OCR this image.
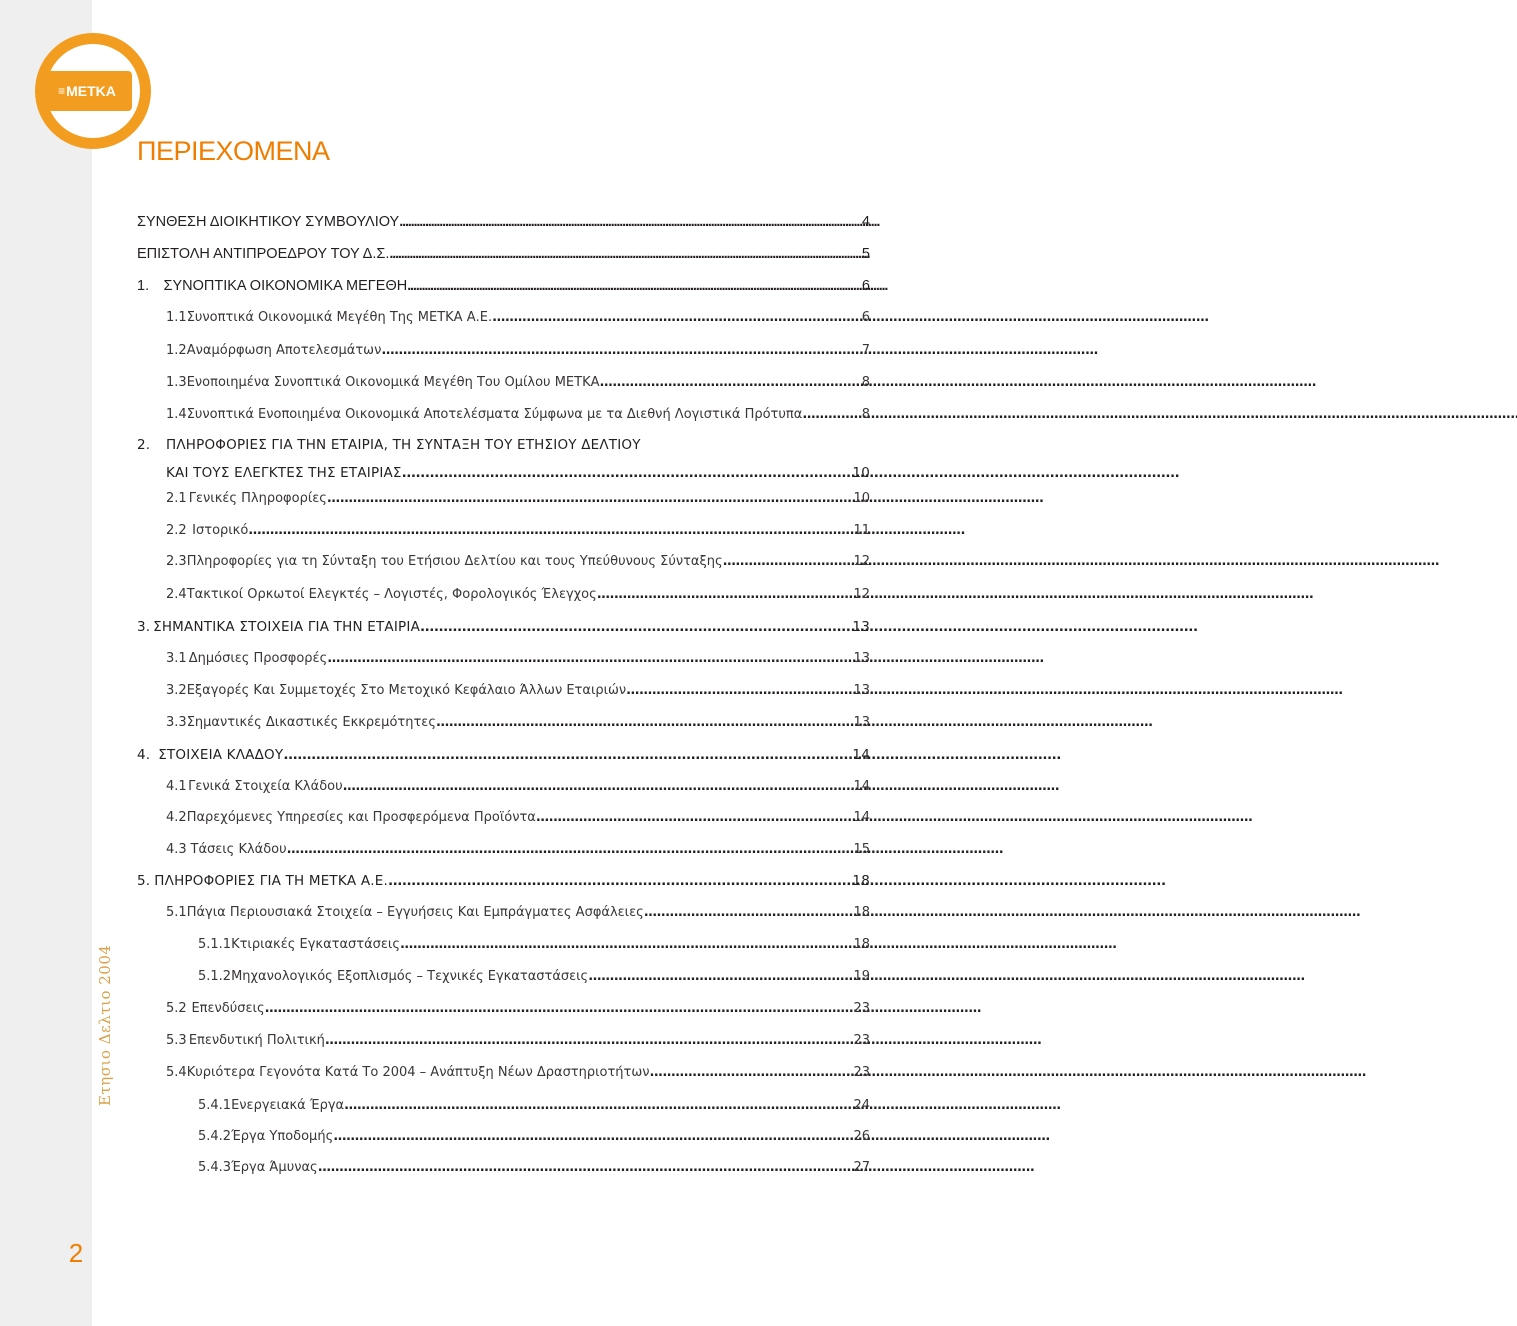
≡ ΜΕΤΚΑ
ΠΕΡΙΕΧΟΜΕΝΑ
ΣΥΝΘΕΣΗ ΔΙΟΙΚΗΤΙΚΟΥ ΣΥΜΒΟΥΛΙΟΥ . . .	4
ΕΠΙΣΤΟΛΗ ΑΝΤΙΠΡΟΕΔΡΟΥ ΤΟΥ Δ.Σ. . . .	5
1. ΣΥΝΟΠΤΙΚΑ ΟΙΚΟΝΟΜΙΚΑ ΜΕΓΕΘΗ . . .	6
1.1 Συνοπτικά Οικονομικά Μεγέθη Της ΜΕΤΚΑ Α.Ε. . . .	6
1.2 Αναμόρφωση Αποτελεσμάτων . . .	7
1.3 Ενοποιημένα Συνοπτικά Οικονομικά Μεγέθη Του Ομίλου ΜΕΤΚΑ . . .	8
1.4 Συνοπτικά Ενοποιημένα Οικονομικά Αποτελέσματα Σύμφωνα με τα Διεθνή Λογιστικά Πρότυπα . . .	8
2.	ΠΛΗΡΟΦΟΡΙΕΣ ΓΙΑ ΤΗΝ ΕΤΑΙΡΙΑ, ΤΗ ΣΥΝΤΑΞΗ ΤΟΥ ΕΤΗΣΙΟΥ ΔΕΛΤΙΟΥ
ΚΑΙ ΤΟΥΣ ΕΛΕΓΚΤΕΣ ΤΗΣ ΕΤΑΙΡΙΑΣ . . .	10
2.1 Γενικές Πληροφορίες . . .	10
2.2 Ιστορικό . . .	11
2.3 Πληροφορίες για τη Σύνταξη του Ετήσιου Δελτίου και τους Υπεύθυνους Σύνταξης . . .	12
2.4 Τακτικοί Ορκωτοί Ελεγκτές – Λογιστές, Φορολογικός Έλεγχος . . .	12
3. ΣΗΜΑΝΤΙΚΑ ΣΤΟΙΧΕΙΑ ΓΙΑ ΤΗΝ ΕΤΑΙΡΙΑ . . .	13
3.1 Δημόσιες Προσφορές . . .	13
3.2 Εξαγορές Και Συμμετοχές Στο Μετοχικό Κεφάλαιο Άλλων Εταιριών . . .	13
3.3 Σημαντικές Δικαστικές Εκκρεμότητες . . .	13
4. ΣΤΟΙΧΕΙΑ ΚΛΑΔΟΥ . . .	14
4.1 Γενικά Στοιχεία Κλάδου . . .	14
4.2 Παρεχόμενες Υπηρεσίες και Προσφερόμενα Προϊόντα . . .	14
4.3 Τάσεις Κλάδου . . .	15
5. ΠΛΗΡΟΦΟΡΙΕΣ ΓΙΑ ΤΗ ΜΕΤΚΑ Α.Ε. . . .	18
5.1 Πάγια Περιουσιακά Στοιχεία – Εγγυήσεις Και Εμπράγματες Ασφάλειες . . .	18
5.1.1 Κτιριακές Εγκαταστάσεις . . .	18
5.1.2 Μηχανολογικός Εξοπλισμός – Τεχνικές Εγκαταστάσεις . . .	19
5.2 Επενδύσεις . . .	23
5.3 Επενδυτική Πολιτική . . .	23
5.4 Κυριότερα Γεγονότα Κατά Το 2004 – Ανάπτυξη Νέων Δραστηριοτήτων . . .	23
5.4.1 Ενεργειακά Έργα . . .	24
5.4.2 Έργα Υποδομής . . .	26
5.4.3 Έργα Άμυνας . . .	27
Ετησιο Δελτιο 2004
2
